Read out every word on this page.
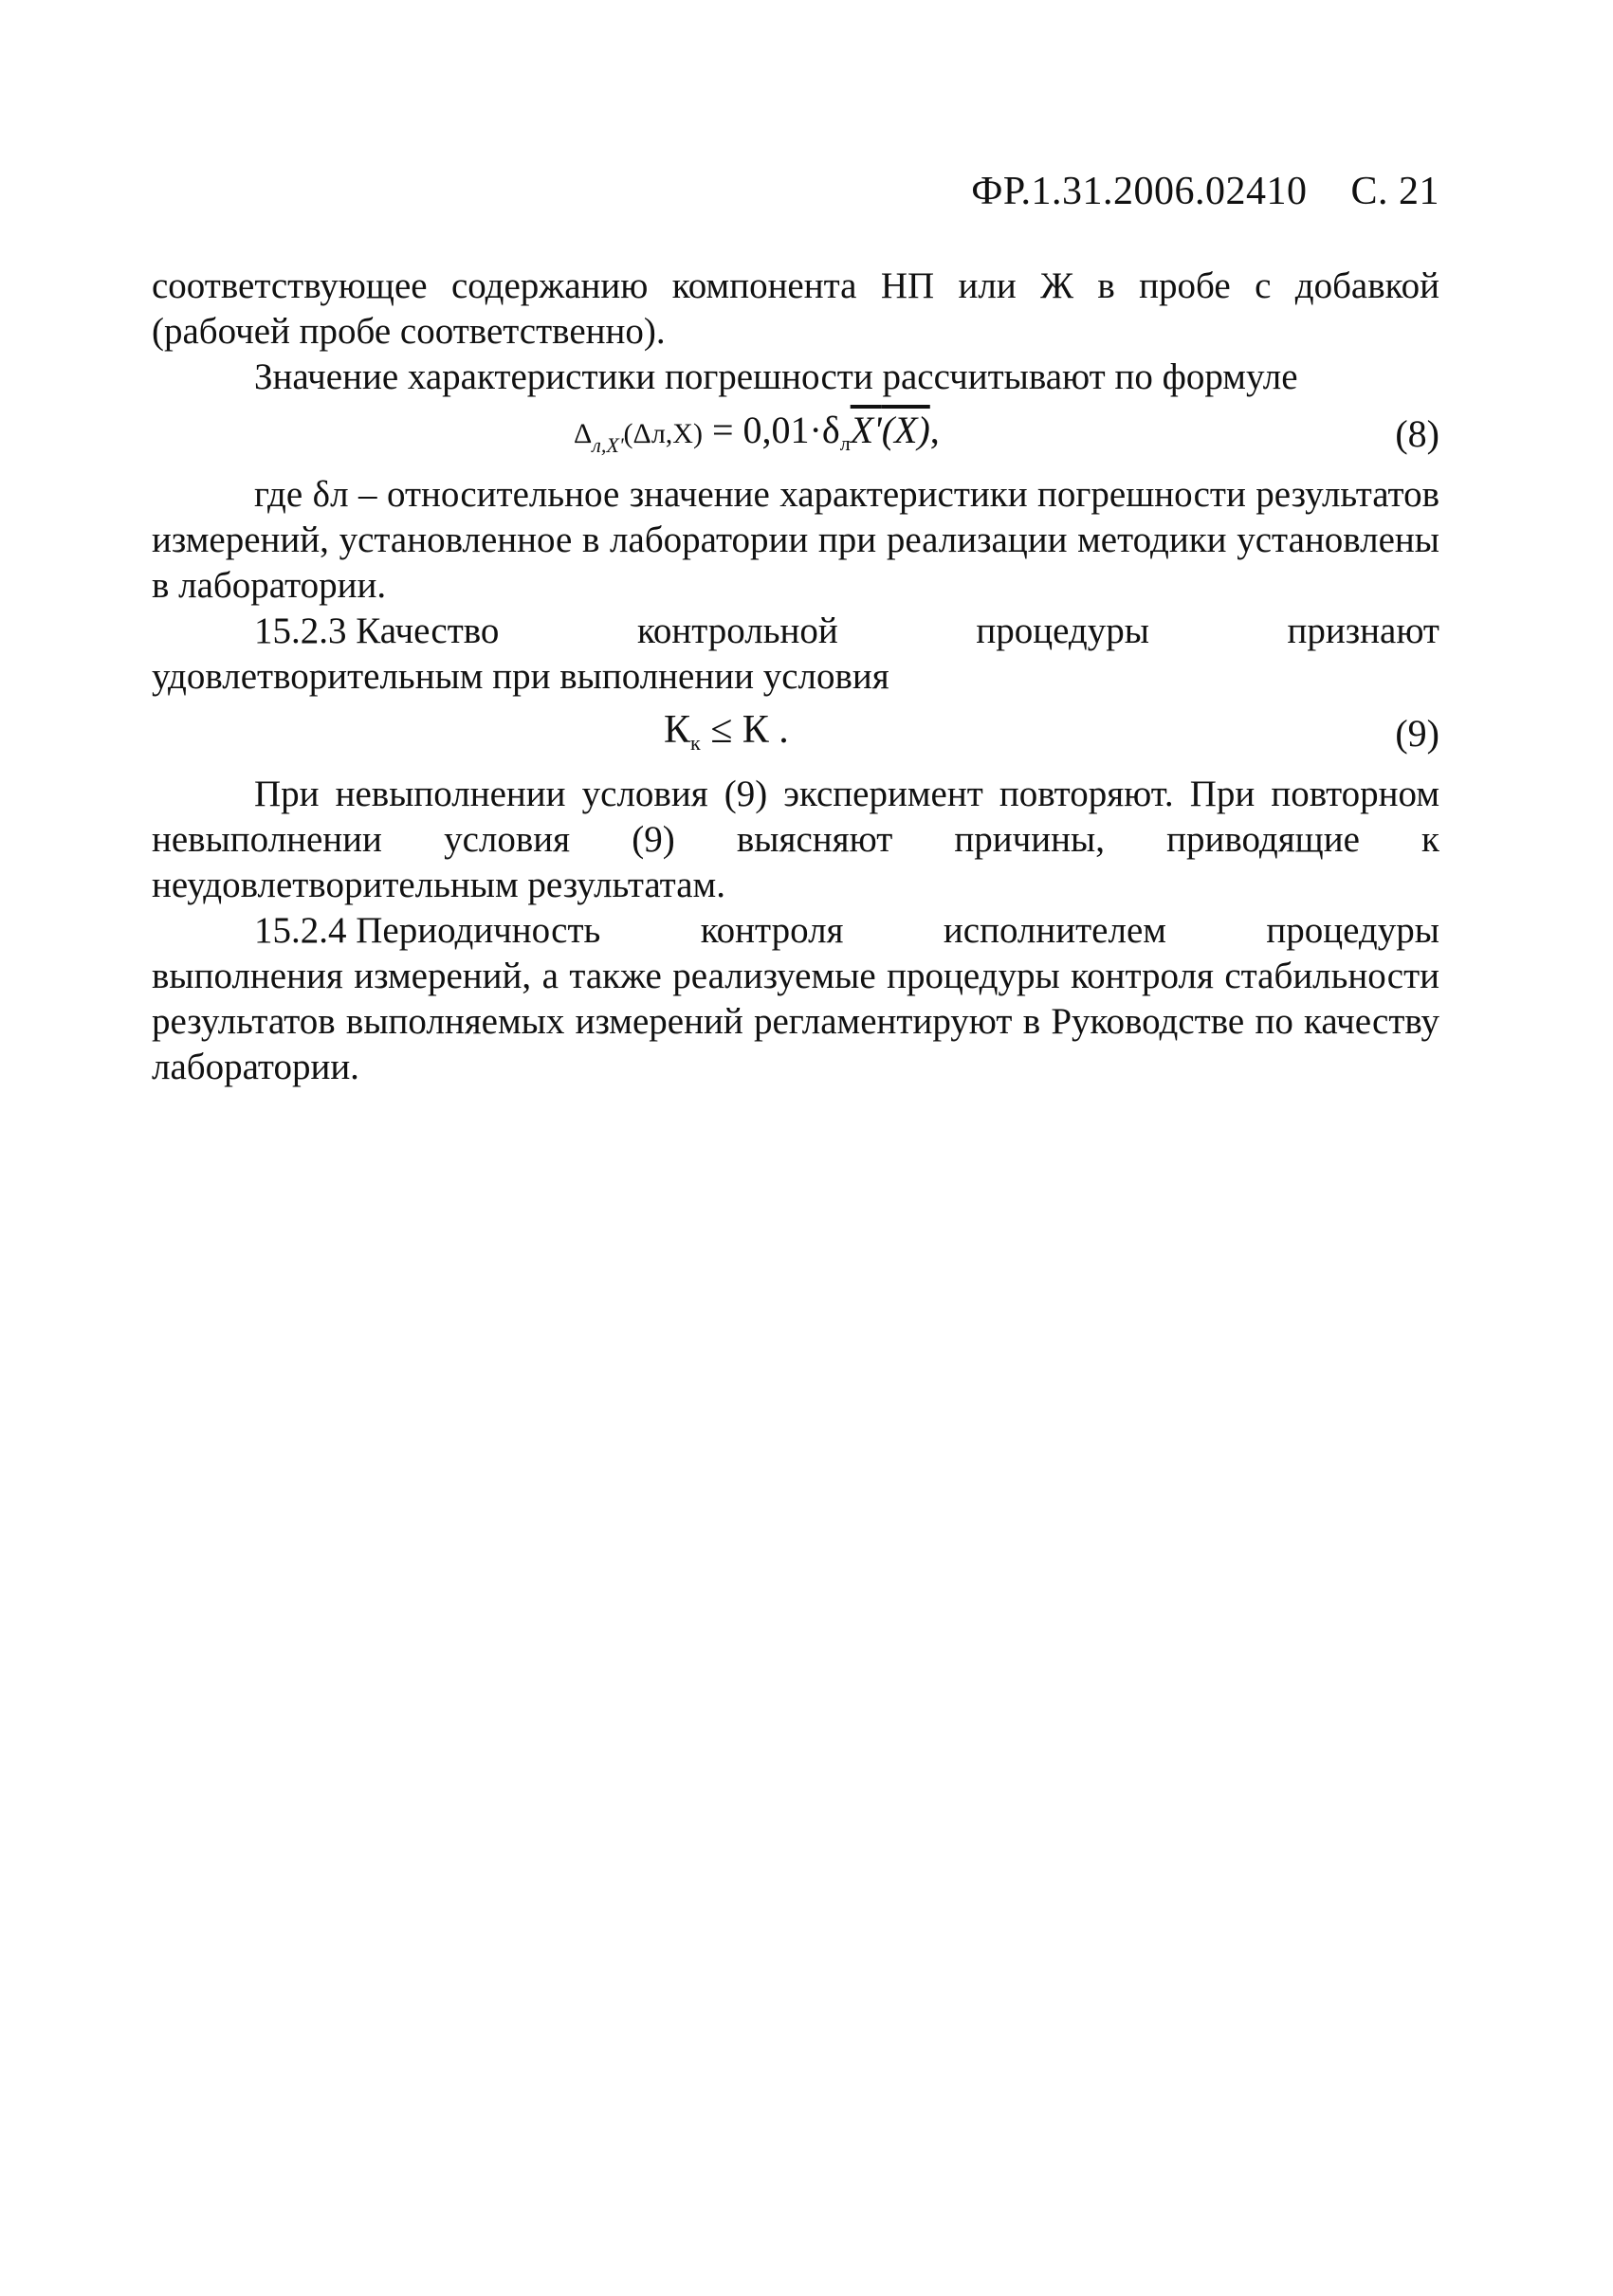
ФР.1.31.2006.02410 С. 21

соответствующее содержанию компонента НП или Ж в пробе с добавкой (рабочей пробе соответственно).

Значение характеристики погрешности рассчитывают по формуле

$\Delta_{л,X'}(\Delta л,X) = 0,01\cdot\delta_лX'(X)$,	(8)

где δл – относительное значение характеристики погрешности результатов измерений, установленное в лаборатории при реализации методики установлены в лаборатории.

15.2.3 Качество	контрольной	процедуры	признают

удовлетворительным при выполнении условия

Кк ≤ К .	(9)

При невыполнении условия (9) эксперимент повторяют. При повторном невыполнении условия (9) выясняют причины, приводящие к неудовлетворительным результатам.

15.2.4 Периодичность	контроля	исполнителем	процедуры

выполнения измерений, а также реализуемые процедуры контроля стабильности результатов выполняемых измерений регламентируют в Руководстве по качеству лаборатории.
